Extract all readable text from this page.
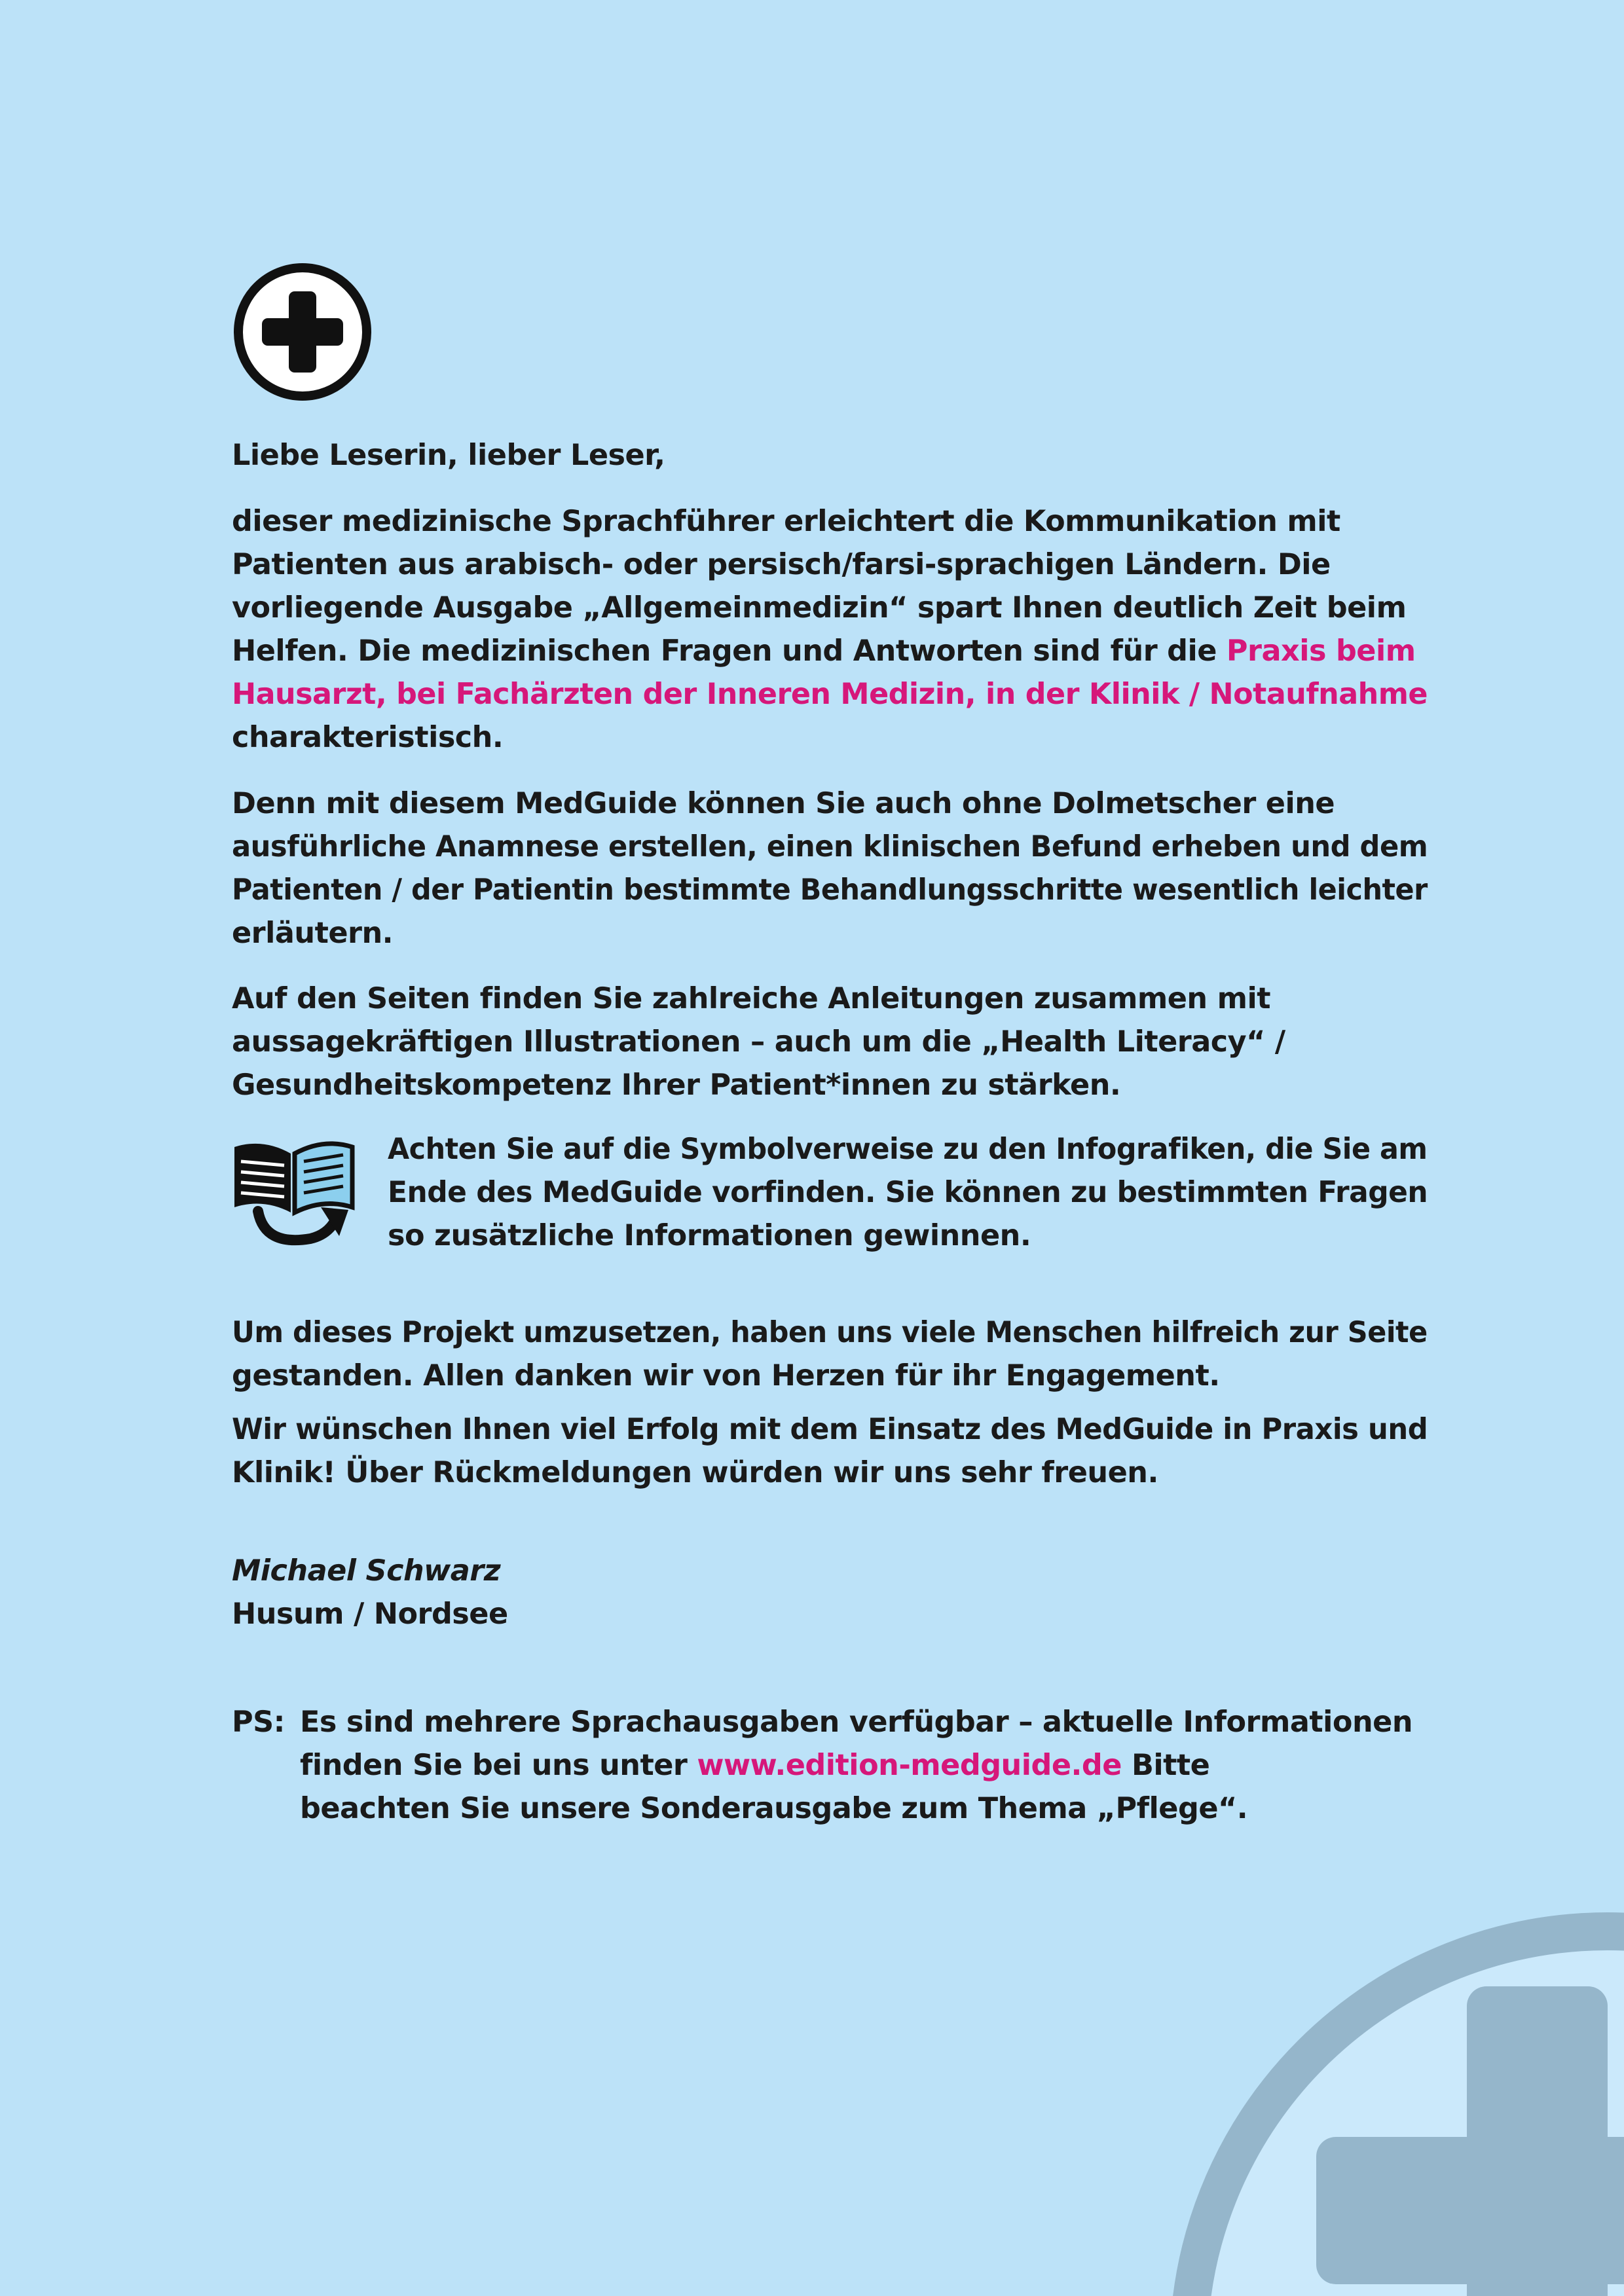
Liebe Leserin, lieber Leser,

dieser medizinische Sprachführer erleichtert die Kommunikation mit

Patienten aus arabisch- oder persisch/farsi-sprachigen Ländern. Die

vorliegende Ausgabe „Allgemeinmedizin“ spart Ihnen deutlich Zeit beim

Helfen. Die medizinischen Fragen und Antworten sind für die Praxis beim

Hausarzt, bei Fachärzten der Inneren Medizin, in der Klinik / Notaufnahme

charakteristisch.

Denn mit diesem MedGuide können Sie auch ohne Dolmetscher eine

ausführliche Anamnese erstellen, einen klinischen Befund erheben und dem

Patienten / der Patientin bestimmte Behandlungsschritte wesentlich leichter

erläutern.

Auf den Seiten finden Sie zahlreiche Anleitungen zusammen mit

aussagekräftigen Illustrationen – auch um die „Health Literacy“ /

Gesundheitskompetenz Ihrer Patient*innen zu stärken.

Achten Sie auf die Symbolverweise zu den Infografiken, die Sie am

Ende des MedGuide vorfinden. Sie können zu bestimmten Fragen

so zusätzliche Informationen gewinnen.

Um dieses Projekt umzusetzen, haben uns viele Menschen hilfreich zur Seite

gestanden. Allen danken wir von Herzen für ihr Engagement.

Wir wünschen Ihnen viel Erfolg mit dem Einsatz des MedGuide in Praxis und

Klinik! Über Rückmeldungen würden wir uns sehr freuen.

Michael Schwarz

Husum / Nordsee

PS: Es sind mehrere Sprachausgaben verfügbar – aktuelle Informationen

finden Sie bei uns unter www.edition-medguide.de Bitte

beachten Sie unsere Sonderausgabe zum Thema „Pflege“.
